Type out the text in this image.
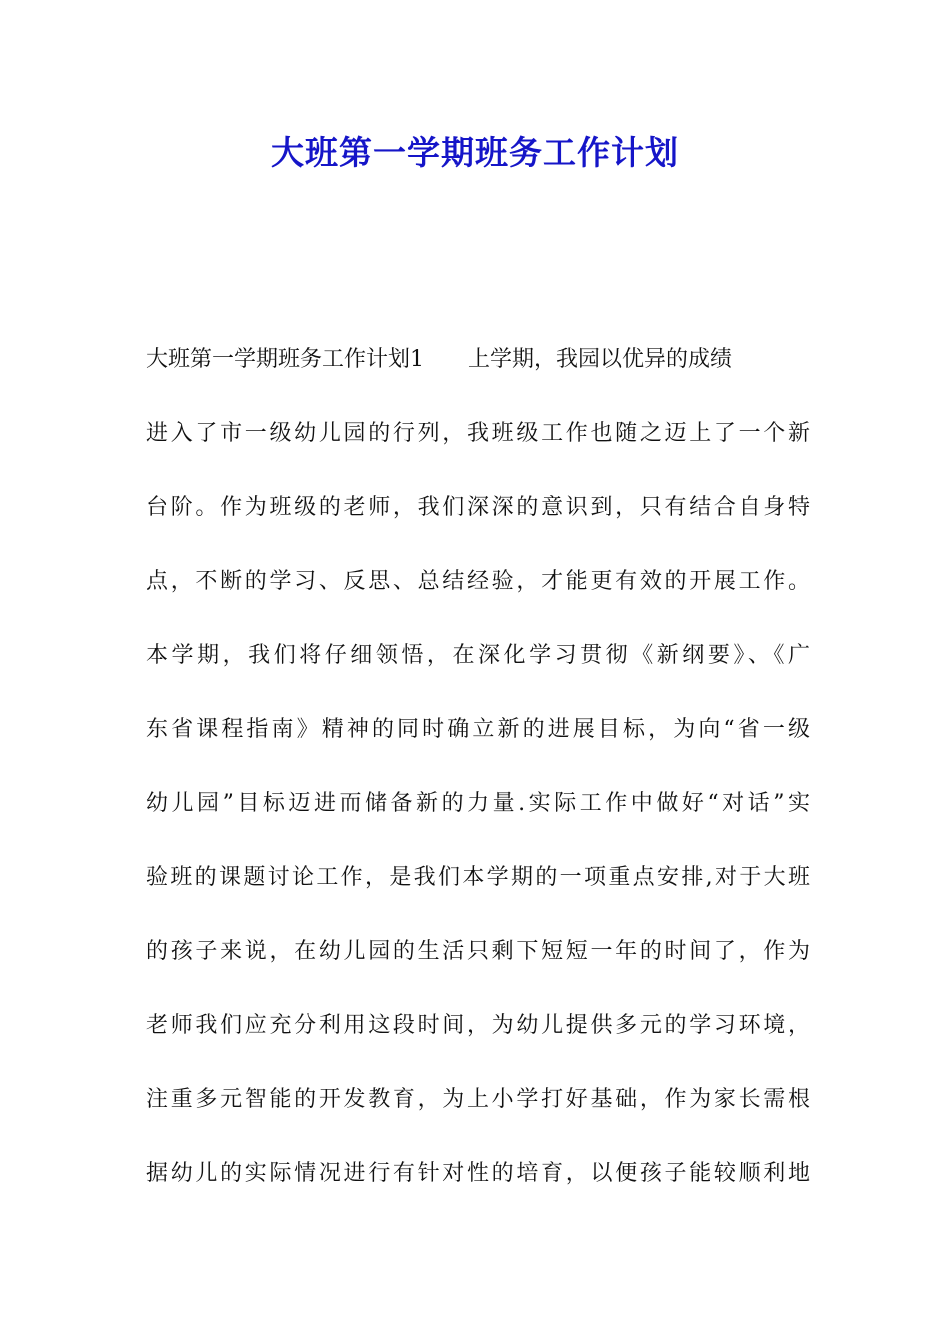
大班第一学期班务工作计划
大班第一学期班务工作计划1　　上学期，我园以优异的成绩
进入了市一级幼儿园的行列，我班级工作也随之迈上了一个新
台阶。作为班级的老师，我们深深的意识到，只有结合自身特
点，不断的学习、反思、总结经验，才能更有效的开展工作。
本学期，我们将仔细领悟，在深化学习贯彻《新纲要》、《广
东省课程指南》精神的同时确立新的进展目标，为向“省一级
幼儿园”目标迈进而储备新的力量.实际工作中做好“对话”实
验班的课题讨论工作，是我们本学期的一项重点安排,对于大班
的孩子来说，在幼儿园的生活只剩下短短一年的时间了，作为
老师我们应充分利用这段时间，为幼儿提供多元的学习环境，
注重多元智能的开发教育，为上小学打好基础，作为家长需根
据幼儿的实际情况进行有针对性的培育，以便孩子能较顺利地
